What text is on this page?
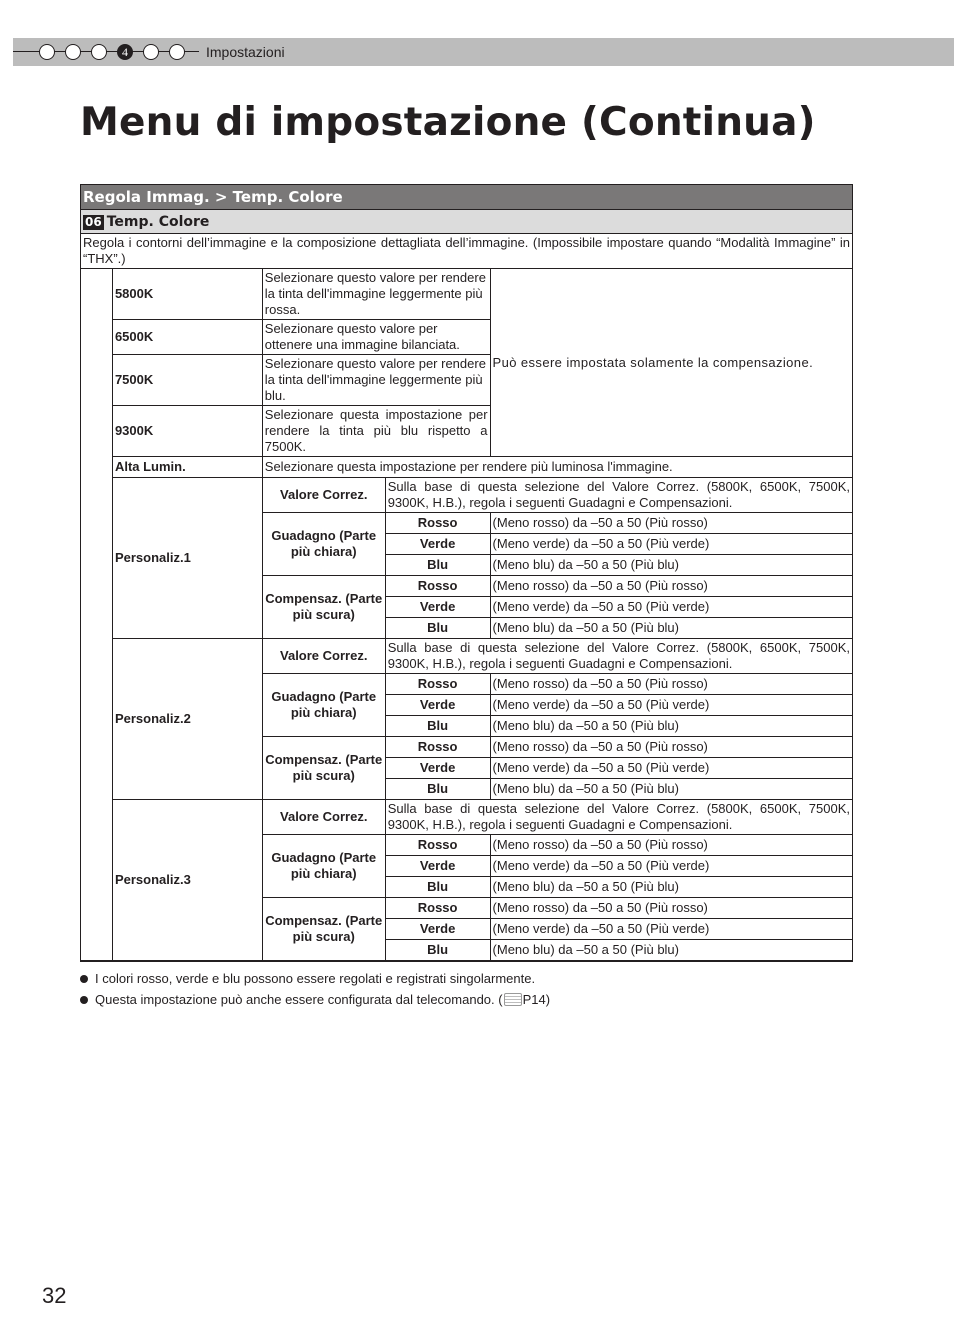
4	Impostazioni
Menu di impostazione (Continua)
Regola Immag. > Temp. Colore				
06 Temp. Colore				
Regola i contorni dell’immagine e la composizione dettagliata dell’immagine. (Impossibile impostare quando “Modalità Immagine” in “THX”.)				
	5800K	Selezionare questo valore per rendere la tinta dell'immagine leggermente più rossa.		Può essere impostata solamente la compensazione.
	6500K	Selezionare questo valore per ottenere una immagine bilanciata.		
	7500K	Selezionare questo valore per rendere la tinta dell'immagine leggermente più blu.		
	9300K	Selezionare questa impostazione per rendere la tinta più blu rispetto a 7500K.		
	Alta Lumin.	Selezionare questa impostazione per rendere più luminosa l'immagine.		
	Personaliz.1	Valore Correz.	Sulla base di questa selezione del Valore Correz. (5800K, 6500K, 7500K, 9300K, H.B.), regola i seguenti Guadagni e Compensazioni.	
		Guadagno (Parte più chiara)	Rosso	(Meno rosso) da –50 a 50 (Più rosso)
			Verde	(Meno verde) da –50 a 50 (Più verde)
			Blu	(Meno blu) da –50 a 50 (Più blu)
		Compensaz. (Parte più scura)	Rosso	(Meno rosso) da –50 a 50 (Più rosso)
			Verde	(Meno verde) da –50 a 50 (Più verde)
			Blu	(Meno blu) da –50 a 50 (Più blu)
	Personaliz.2	Valore Correz.	Sulla base di questa selezione del Valore Correz. (5800K, 6500K, 7500K, 9300K, H.B.), regola i seguenti Guadagni e Compensazioni.	
		Guadagno (Parte più chiara)	Rosso	(Meno rosso) da –50 a 50 (Più rosso)
			Verde	(Meno verde) da –50 a 50 (Più verde)
			Blu	(Meno blu) da –50 a 50 (Più blu)
		Compensaz. (Parte più scura)	Rosso	(Meno rosso) da –50 a 50 (Più rosso)
			Verde	(Meno verde) da –50 a 50 (Più verde)
			Blu	(Meno blu) da –50 a 50 (Più blu)
	Personaliz.3	Valore Correz.	Sulla base di questa selezione del Valore Correz. (5800K, 6500K, 7500K, 9300K, H.B.), regola i seguenti Guadagni e Compensazioni.	
		Guadagno (Parte più chiara)	Rosso	(Meno rosso) da –50 a 50 (Più rosso)
			Verde	(Meno verde) da –50 a 50 (Più verde)
			Blu	(Meno blu) da –50 a 50 (Più blu)
		Compensaz. (Parte più scura)	Rosso	(Meno rosso) da –50 a 50 (Più rosso)
			Verde	(Meno verde) da –50 a 50 (Più verde)
			Blu	(Meno blu) da –50 a 50 (Più blu)
I colori rosso, verde e blu possono essere regolati e registrati singolarmente.
Questa impostazione può anche essere configurata dal telecomando. ( P14 )
32
